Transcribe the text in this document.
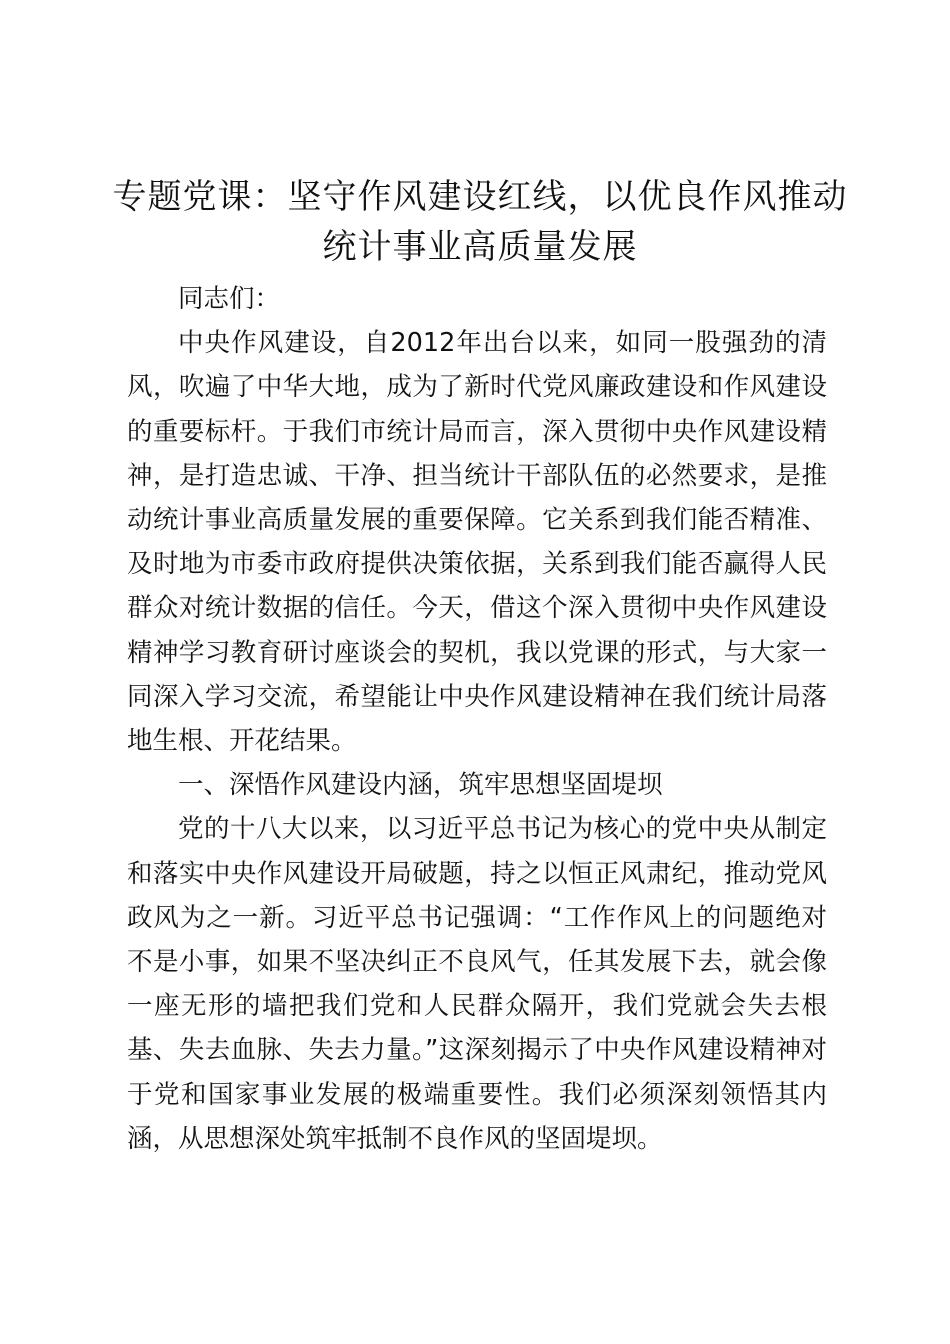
专题党课：坚守作风建设红线，以优良作风推动统计事业高质量发展

同志们：

中央作风建设，自2012年出台以来，如同一股强劲的清风，吹遍了中华大地，成为了新时代党风廉政建设和作风建设的重要标杆。于我们市统计局而言，深入贯彻中央作风建设精神，是打造忠诚、干净、担当统计干部队伍的必然要求，是推动统计事业高质量发展的重要保障。它关系到我们能否精准、及时地为市委市政府提供决策依据，关系到我们能否赢得人民群众对统计数据的信任。今天，借这个深入贯彻中央作风建设精神学习教育研讨座谈会的契机，我以党课的形式，与大家一同深入学习交流，希望能让中央作风建设精神在我们统计局落地生根、开花结果。

一、深悟作风建设内涵，筑牢思想坚固堤坝

党的十八大以来，以习近平总书记为核心的党中央从制定和落实中央作风建设开局破题，持之以恒正风肃纪，推动党风政风为之一新。习近平总书记强调：“工作作风上的问题绝对不是小事，如果不坚决纠正不良风气，任其发展下去，就会像一座无形的墙把我们党和人民群众隔开，我们党就会失去根基、失去血脉、失去力量。”这深刻揭示了中央作风建设精神对于党和国家事业发展的极端重要性。我们必须深刻领悟其内涵，从思想深处筑牢抵制不良作风的坚固堤坝。
